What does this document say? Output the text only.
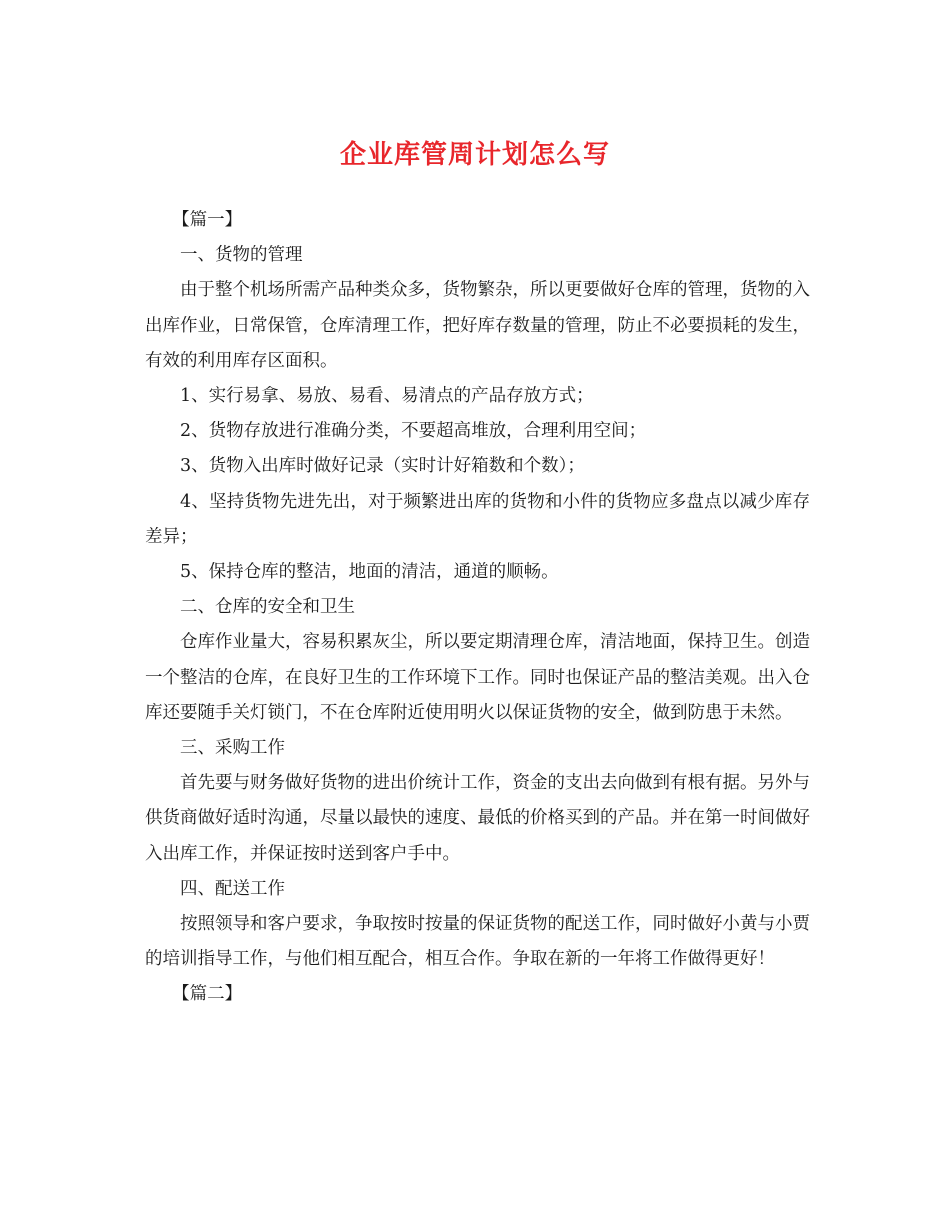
企业库管周计划怎么写

【篇一】

一、货物的管理

由于整个机场所需产品种类众多，货物繁杂，所以更要做好仓库的管理，货物的入出库作业，日常保管，仓库清理工作，把好库存数量的管理，防止不必要损耗的发生，有效的利用库存区面积。

1、实行易拿、易放、易看、易清点的产品存放方式；

2、货物存放进行准确分类，不要超高堆放，合理利用空间；

3、货物入出库时做好记录（实时计好箱数和个数）；

4、坚持货物先进先出，对于频繁进出库的货物和小件的货物应多盘点以减少库存差异；

5、保持仓库的整洁，地面的清洁，通道的顺畅。

二、仓库的安全和卫生

仓库作业量大，容易积累灰尘，所以要定期清理仓库，清洁地面，保持卫生。创造一个整洁的仓库，在良好卫生的工作环境下工作。同时也保证产品的整洁美观。出入仓库还要随手关灯锁门，不在仓库附近使用明火以保证货物的安全，做到防患于未然。

三、采购工作

首先要与财务做好货物的进出价统计工作，资金的支出去向做到有根有据。另外与供货商做好适时沟通，尽量以最快的速度、最低的价格买到的产品。并在第一时间做好入出库工作，并保证按时送到客户手中。

四、配送工作

按照领导和客户要求，争取按时按量的保证货物的配送工作，同时做好小黄与小贾的培训指导工作，与他们相互配合，相互合作。争取在新的一年将工作做得更好！

【篇二】
